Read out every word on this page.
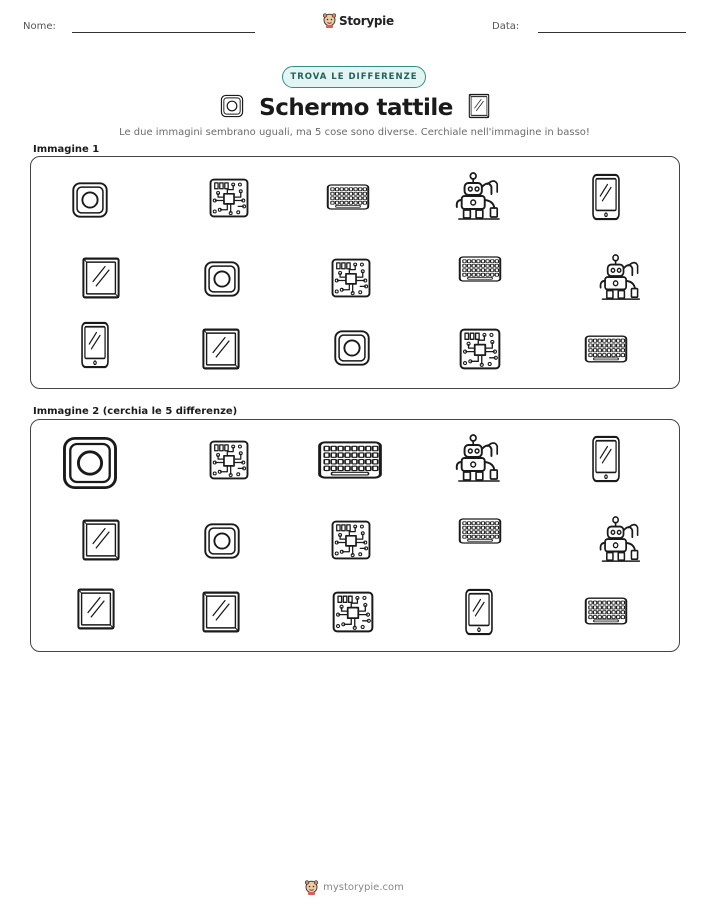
Nome:	Storypie	Data:
TROVA LE DIFFERENZE
Schermo tattile
Le due immagini sembrano uguali, ma 5 cose sono diverse. Cerchiale nell'immagine in basso!
Immagine 1
Immagine 2 (cerchia le 5 differenze)
mystorypie.com
